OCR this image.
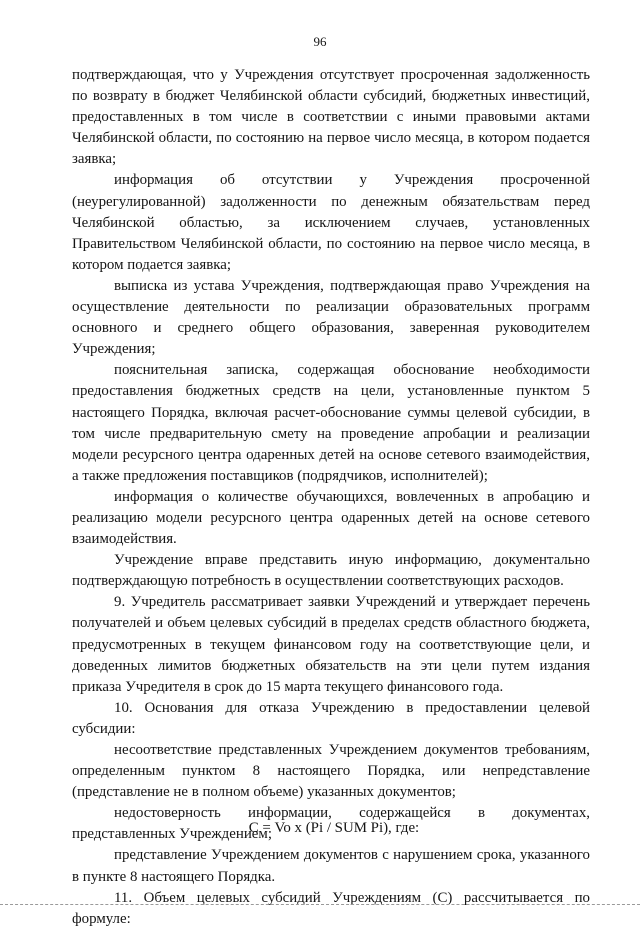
96

подтверждающая, что у Учреждения отсутствует просроченная задолженность по возврату в бюджет Челябинской области субсидий, бюджетных инвестиций, предоставленных в том числе в соответствии с иными правовыми актами Челябинской области, по состоянию на первое число месяца, в котором подается заявка;

информация об отсутствии у Учреждения просроченной (неурегулированной) задолженности по денежным обязательствам перед Челябинской областью, за исключением случаев, установленных Правительством Челябинской области, по состоянию на первое число месяца, в котором подается заявка;

выписка из устава Учреждения, подтверждающая право Учреждения на осуществление деятельности по реализации образовательных программ основного и среднего общего образования, заверенная руководителем Учреждения;

пояснительная записка, содержащая обоснование необходимости предоставления бюджетных средств на цели, установленные пунктом 5 настоящего Порядка, включая расчет-обоснование суммы целевой субсидии, в том числе предварительную смету на проведение апробации и реализации модели ресурсного центра одаренных детей на основе сетевого взаимодействия, а также предложения поставщиков (подрядчиков, исполнителей);

информация о количестве обучающихся, вовлеченных в апробацию и реализацию модели ресурсного центра одаренных детей на основе сетевого взаимодействия.

Учреждение вправе представить иную информацию, документально подтверждающую потребность в осуществлении соответствующих расходов.

9. Учредитель рассматривает заявки Учреждений и утверждает перечень получателей и объем целевых субсидий в пределах средств областного бюджета, предусмотренных в текущем финансовом году на соответствующие цели, и доведенных лимитов бюджетных обязательств на эти цели путем издания приказа Учредителя в срок до 15 марта текущего финансового года.

10. Основания для отказа Учреждению в предоставлении целевой субсидии:

несоответствие представленных Учреждением документов требованиям, определенным пунктом 8 настоящего Порядка, или непредставление (представление не в полном объеме) указанных документов;

недостоверность информации, содержащейся в документах, представленных Учреждением;

представление Учреждением документов с нарушением срока, указанного в пункте 8 настоящего Порядка.

11. Объем целевых субсидий Учреждениям (С) рассчитывается по формуле:

С = Vo x (Pi / SUM Pi), где:
